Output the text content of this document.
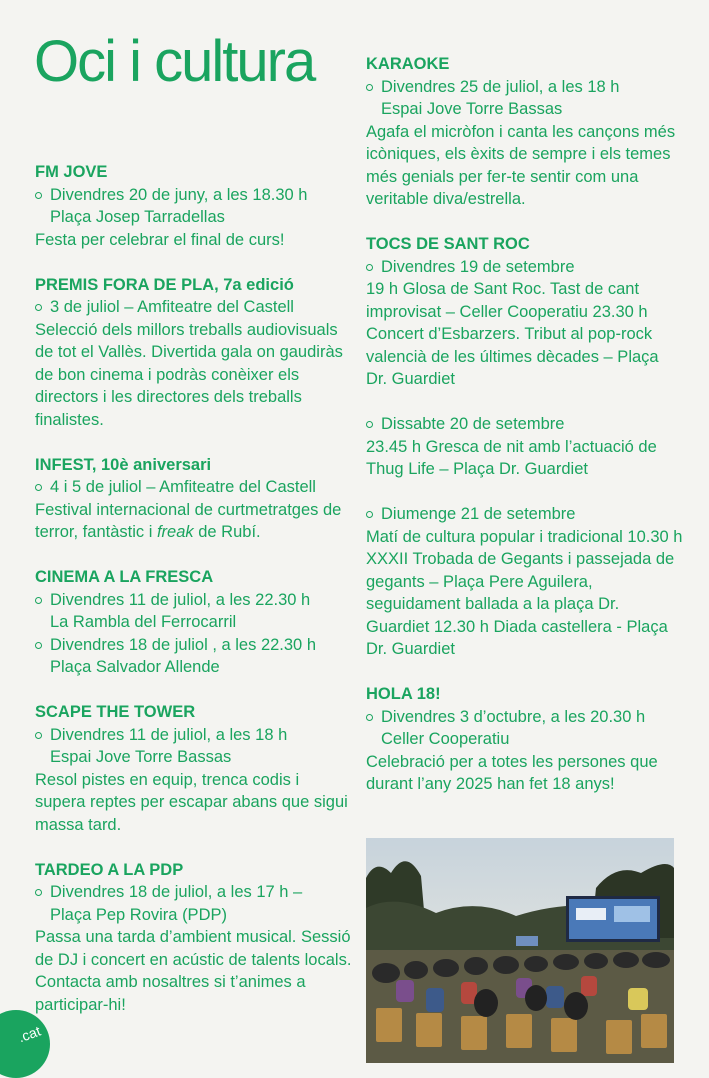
Oci i cultura
FM JOVE
Divendres 20 de juny, a les 18.30 h
Plaça Josep Tarradellas
Festa per celebrar el final de curs!
PREMIS FORA DE PLA, 7a edició
3 de juliol – Amfiteatre del Castell
Selecció dels millors treballs audiovisuals de tot el Vallès. Divertida gala on gaudiràs de bon cinema i podràs conèixer els directors i les directores dels treballs finalistes.
INFEST, 10è aniversari
4 i 5 de juliol – Amfiteatre del Castell
Festival internacional de curtmetratges de terror, fantàstic i freak de Rubí.
CINEMA A LA FRESCA
Divendres 11 de juliol, a les 22.30 h
La Rambla del Ferrocarril
Divendres 18 de juliol , a les 22.30 h
Plaça Salvador Allende
SCAPE THE TOWER
Divendres 11 de juliol, a les 18 h
Espai Jove Torre Bassas
Resol pistes en equip, trenca codis i supera reptes per escapar abans que sigui massa tard.
TARDEO A LA PDP
Divendres 18 de juliol, a les 17 h –
Plaça Pep Rovira (PDP)
Passa una tarda d’ambient musical. Sessió de DJ i concert en acústic de talents locals. Contacta amb nosaltres si t’animes a participar-hi!
KARAOKE
Divendres 25 de juliol, a les 18 h
Espai Jove Torre Bassas
Agafa el micròfon i canta les cançons més icòniques, els èxits de sempre i els temes més genials per fer-te sentir com una veritable diva/estrella.
TOCS DE SANT ROC
Divendres 19 de setembre
19 h Glosa de Sant Roc. Tast de cant improvisat – Celler Cooperatiu 23.30 h Concert d’Esbarzers. Tribut al pop-rock valencià de les últimes dècades – Plaça Dr. Guardiet
Dissabte 20 de setembre
23.45 h Gresca de nit amb l’actuació de Thug Life – Plaça Dr. Guardiet
Diumenge 21 de setembre
Matí de cultura popular i tradicional 10.30 h XXXII Trobada de Gegants i passejada de gegants – Plaça Pere Aguilera, seguidament ballada a la plaça Dr. Guardiet 12.30 h Diada castellera - Plaça Dr. Guardiet
HOLA 18!
Divendres 3 d’octubre, a les 20.30 h
Celler Cooperatiu
Celebració per a totes les persones que durant l’any 2025 han fet 18 anys!
.cat
